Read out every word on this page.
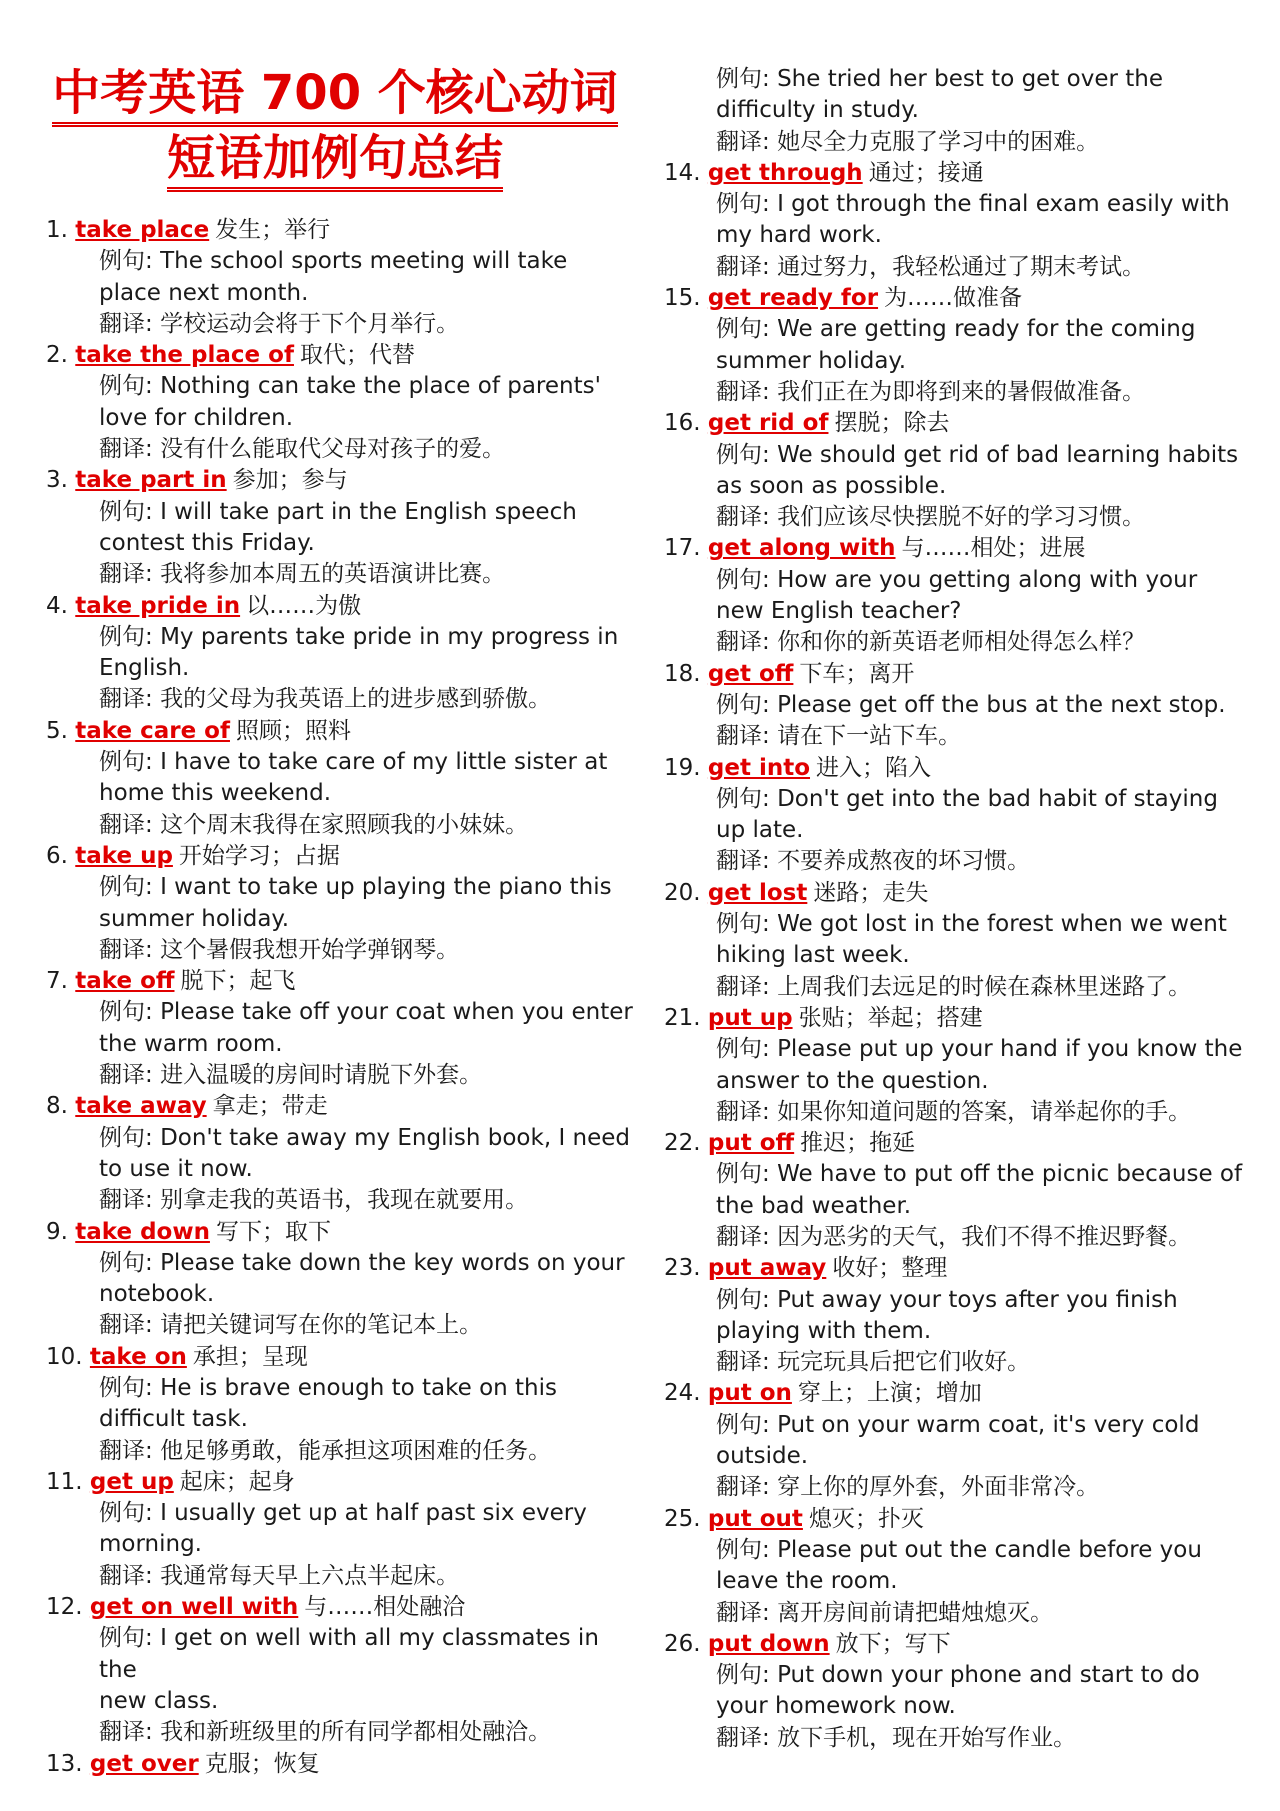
中考英语 700 个核心动词
短语加例句总结
1. take place 发生；举行
例句: The school sports meeting will take
place next month.
翻译: 学校运动会将于下个月举行。
2. take the place of 取代；代替
例句: Nothing can take the place of parents'
love for children.
翻译: 没有什么能取代父母对孩子的爱。
3. take part in 参加；参与
例句: I will take part in the English speech
contest this Friday.
翻译: 我将参加本周五的英语演讲比赛。
4. take pride in 以……为傲
例句: My parents take pride in my progress in
English.
翻译: 我的父母为我英语上的进步感到骄傲。
5. take care of 照顾；照料
例句: I have to take care of my little sister at
home this weekend.
翻译: 这个周末我得在家照顾我的小妹妹。
6. take up 开始学习；占据
例句: I want to take up playing the piano this
summer holiday.
翻译: 这个暑假我想开始学弹钢琴。
7. take off 脱下；起飞
例句: Please take off your coat when you enter
the warm room.
翻译: 进入温暖的房间时请脱下外套。
8. take away 拿走；带走
例句: Don't take away my English book, I need
to use it now.
翻译: 别拿走我的英语书，我现在就要用。
9. take down 写下；取下
例句: Please take down the key words on your
notebook.
翻译: 请把关键词写在你的笔记本上。
10. take on 承担；呈现
例句: He is brave enough to take on this
difficult task.
翻译: 他足够勇敢，能承担这项困难的任务。
11. get up 起床；起身
例句: I usually get up at half past six every
morning.
翻译: 我通常每天早上六点半起床。
12. get on well with 与……相处融洽
例句: I get on well with all my classmates in the
new class.
翻译: 我和新班级里的所有同学都相处融洽。
13. get over 克服；恢复
例句: She tried her best to get over the
difficulty in study.
翻译: 她尽全力克服了学习中的困难。
14. get through 通过；接通
例句: I got through the final exam easily with
my hard work.
翻译: 通过努力，我轻松通过了期末考试。
15. get ready for 为……做准备
例句: We are getting ready for the coming
summer holiday.
翻译: 我们正在为即将到来的暑假做准备。
16. get rid of 摆脱；除去
例句: We should get rid of bad learning habits
as soon as possible.
翻译: 我们应该尽快摆脱不好的学习习惯。
17. get along with 与……相处；进展
例句: How are you getting along with your
new English teacher?
翻译: 你和你的新英语老师相处得怎么样？
18. get off 下车；离开
例句: Please get off the bus at the next stop.
翻译: 请在下一站下车。
19. get into 进入；陷入
例句: Don't get into the bad habit of staying
up late.
翻译: 不要养成熬夜的坏习惯。
20. get lost 迷路；走失
例句: We got lost in the forest when we went
hiking last week.
翻译: 上周我们去远足的时候在森林里迷路了。
21. put up 张贴；举起；搭建
例句: Please put up your hand if you know the
answer to the question.
翻译: 如果你知道问题的答案，请举起你的手。
22. put off 推迟；拖延
例句: We have to put off the picnic because of
the bad weather.
翻译: 因为恶劣的天气，我们不得不推迟野餐。
23. put away 收好；整理
例句: Put away your toys after you finish
playing with them.
翻译: 玩完玩具后把它们收好。
24. put on 穿上；上演；增加
例句: Put on your warm coat, it's very cold
outside.
翻译: 穿上你的厚外套，外面非常冷。
25. put out 熄灭；扑灭
例句: Please put out the candle before you
leave the room.
翻译: 离开房间前请把蜡烛熄灭。
26. put down 放下；写下
例句: Put down your phone and start to do
your homework now.
翻译: 放下手机，现在开始写作业。
